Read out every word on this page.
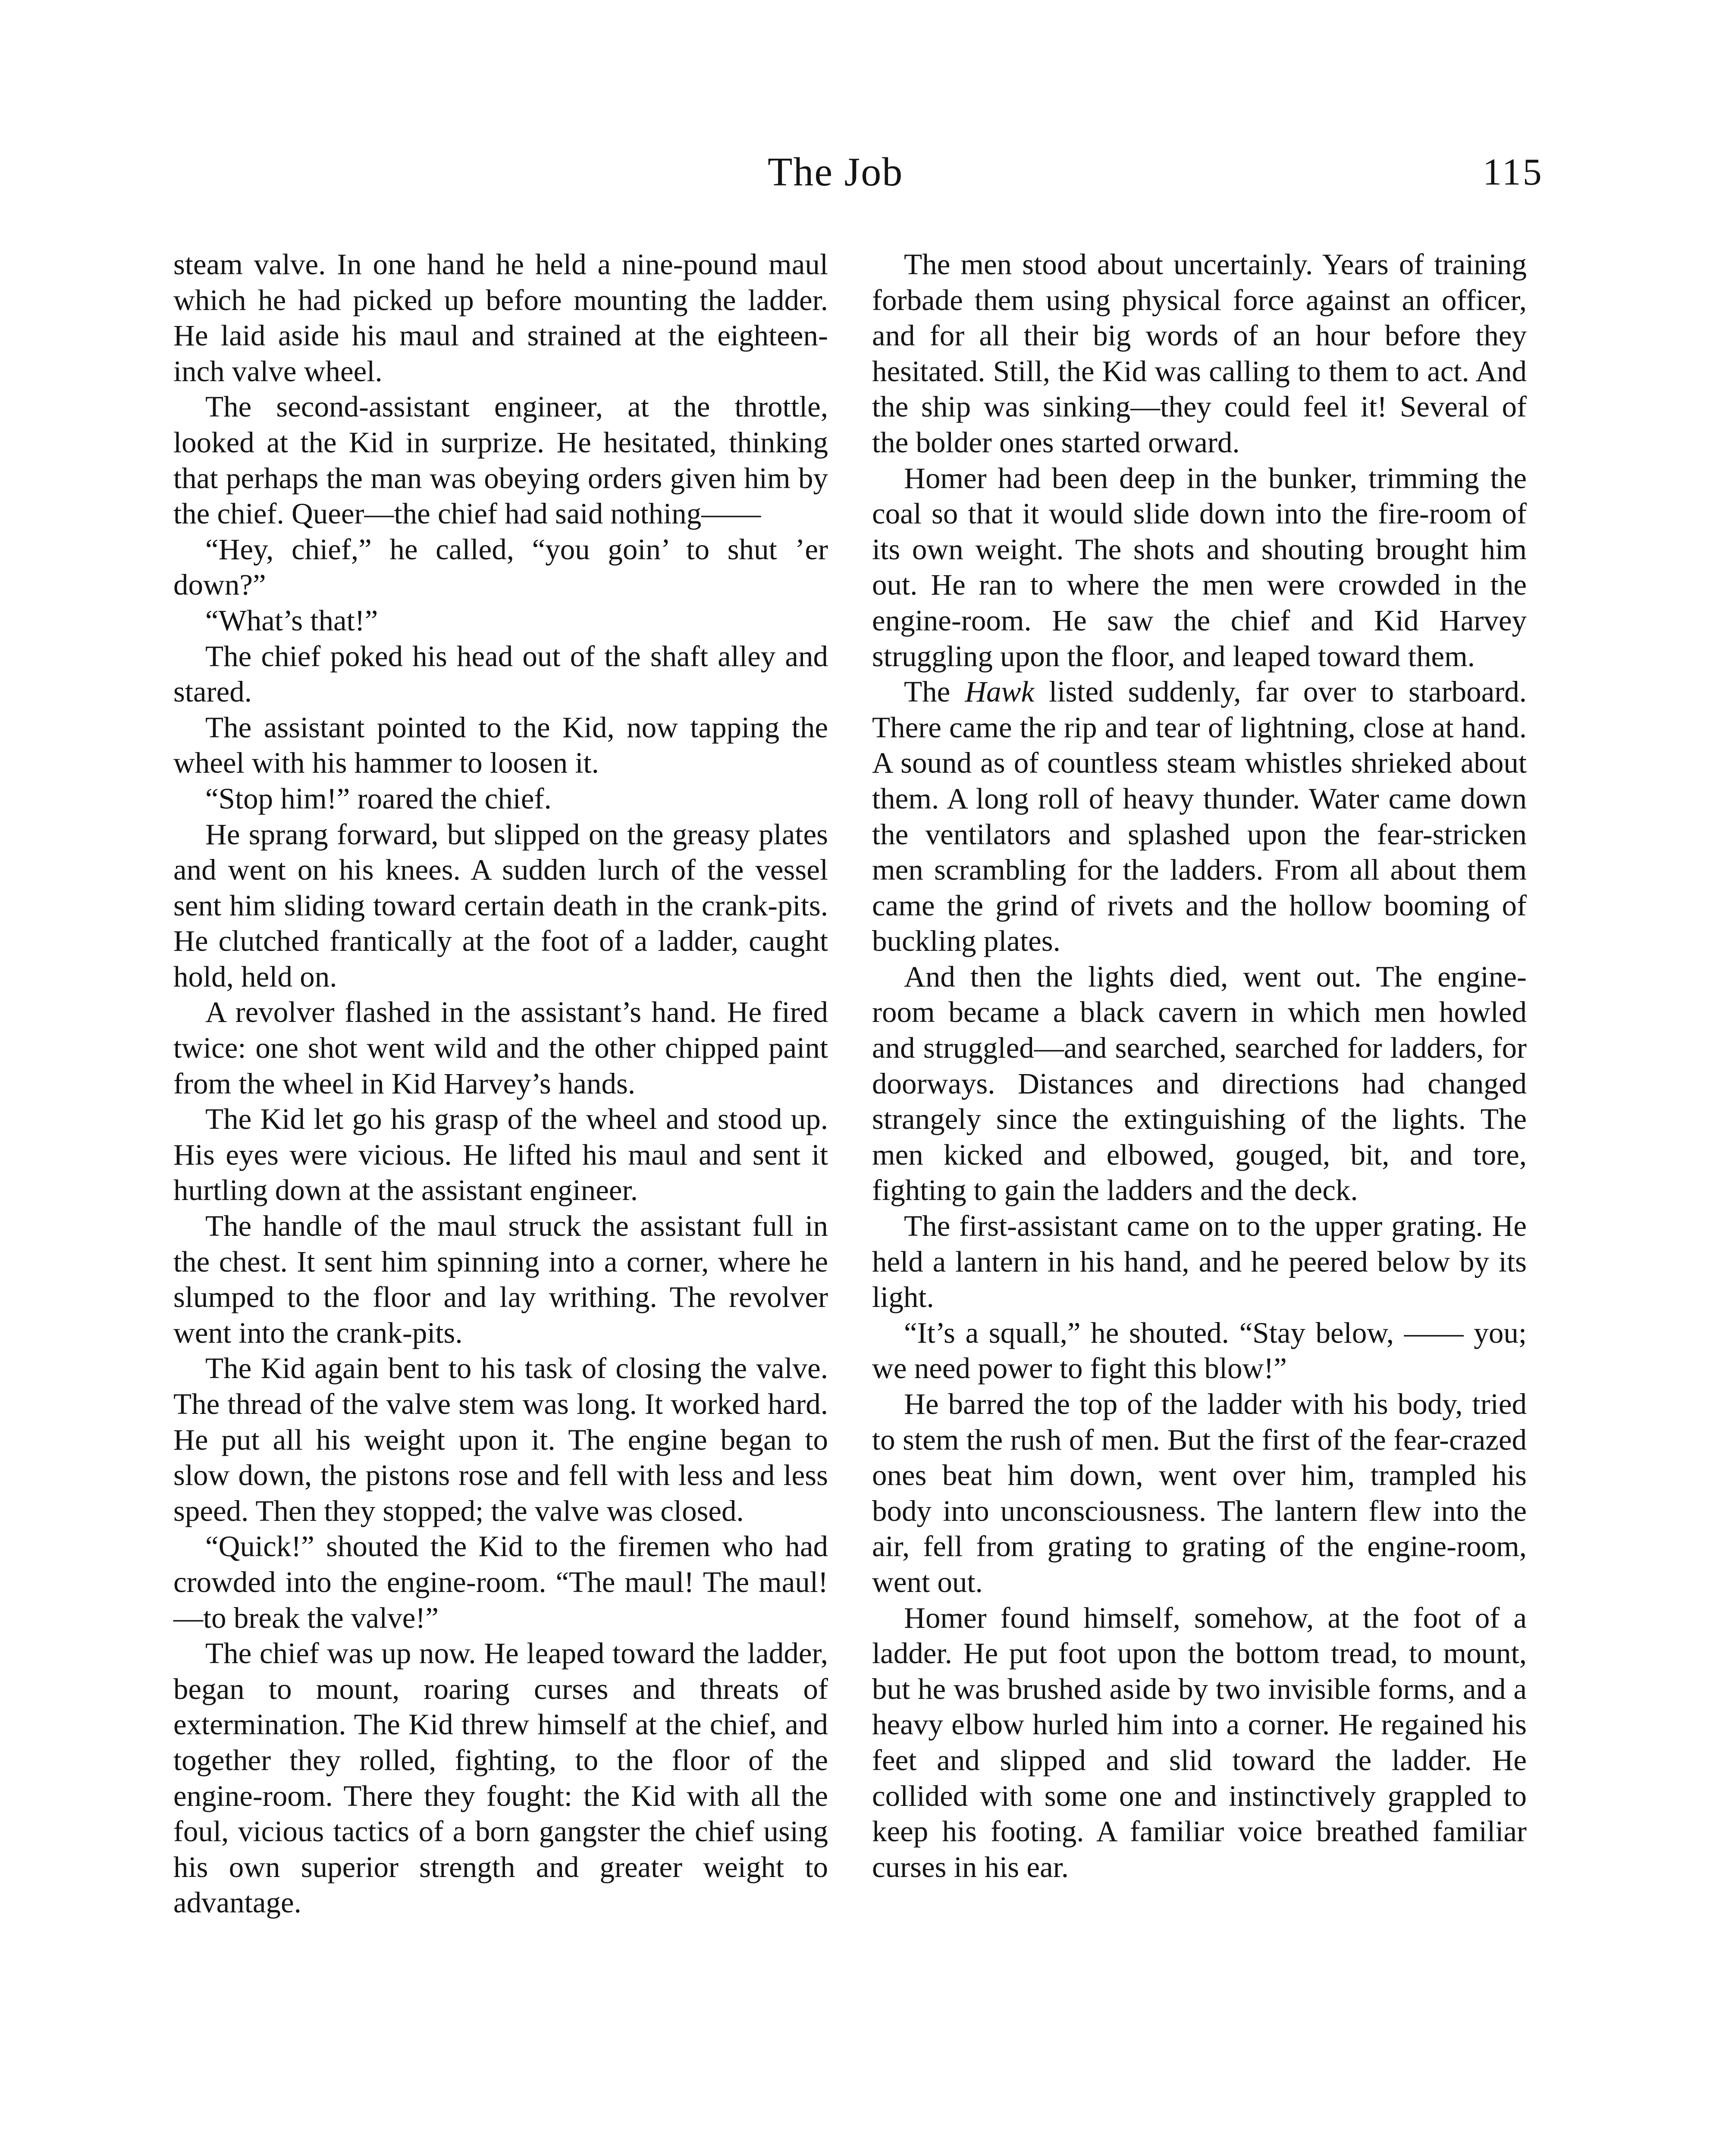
The Job	115

steam valve. In one hand he held a nine-pound maul which he had picked up before mounting the ladder. He laid aside his maul and strained at the eighteen-inch valve wheel.

The second-assistant engineer, at the throttle, looked at the Kid in surprize. He hesitated, thinking that perhaps the man was obeying orders given him by the chief. Queer—the chief had said nothing——

“Hey, chief,” he called, “you goin’ to shut ’er down?”

“What’s that!”

The chief poked his head out of the shaft alley and stared.

The assistant pointed to the Kid, now tapping the wheel with his hammer to loosen it.

“Stop him!” roared the chief.

He sprang forward, but slipped on the greasy plates and went on his knees. A sudden lurch of the vessel sent him sliding toward certain death in the crank-pits. He clutched frantically at the foot of a ladder, caught hold, held on.

A revolver flashed in the assistant’s hand. He fired twice: one shot went wild and the other chipped paint from the wheel in Kid Harvey’s hands.

The Kid let go his grasp of the wheel and stood up. His eyes were vicious. He lifted his maul and sent it hurtling down at the assistant engineer.

The handle of the maul struck the assistant full in the chest. It sent him spinning into a corner, where he slumped to the floor and lay writhing. The revolver went into the crank-pits.

The Kid again bent to his task of closing the valve. The thread of the valve stem was long. It worked hard. He put all his weight upon it. The engine began to slow down, the pistons rose and fell with less and less speed. Then they stopped; the valve was closed.

“Quick!” shouted the Kid to the firemen who had crowded into the engine-room. “The maul! The maul!—to break the valve!”

The chief was up now. He leaped toward the ladder, began to mount, roaring curses and threats of extermination. The Kid threw himself at the chief, and together they rolled, fighting, to the floor of the engine-room. There they fought: the Kid with all the foul, vicious tactics of a born gangster the chief using his own superior strength and greater weight to advantage.

The men stood about uncertainly. Years of training forbade them using physical force against an officer, and for all their big words of an hour before they hesitated. Still, the Kid was calling to them to act. And the ship was sinking—they could feel it! Several of the bolder ones started orward.

Homer had been deep in the bunker, trimming the coal so that it would slide down into the fire-room of its own weight. The shots and shouting brought him out. He ran to where the men were crowded in the engine-room. He saw the chief and Kid Harvey struggling upon the floor, and leaped toward them.

The Hawk listed suddenly, far over to starboard. There came the rip and tear of lightning, close at hand. A sound as of countless steam whistles shrieked about them. A long roll of heavy thunder. Water came down the ventilators and splashed upon the fear-stricken men scrambling for the ladders. From all about them came the grind of rivets and the hollow booming of buckling plates.

And then the lights died, went out. The engine-room became a black cavern in which men howled and struggled—and searched, searched for ladders, for doorways. Distances and directions had changed strangely since the extinguishing of the lights. The men kicked and elbowed, gouged, bit, and tore, fighting to gain the ladders and the deck.

The first-assistant came on to the upper grating. He held a lantern in his hand, and he peered below by its light.

“It’s a squall,” he shouted. “Stay below, —— you; we need power to fight this blow!”

He barred the top of the ladder with his body, tried to stem the rush of men. But the first of the fear-crazed ones beat him down, went over him, trampled his body into unconsciousness. The lantern flew into the air, fell from grating to grating of the engine-room, went out.

Homer found himself, somehow, at the foot of a ladder. He put foot upon the bottom tread, to mount, but he was brushed aside by two invisible forms, and a heavy elbow hurled him into a corner. He regained his feet and slipped and slid toward the ladder. He collided with some one and instinctively grappled to keep his footing. A familiar voice breathed familiar curses in his ear.
